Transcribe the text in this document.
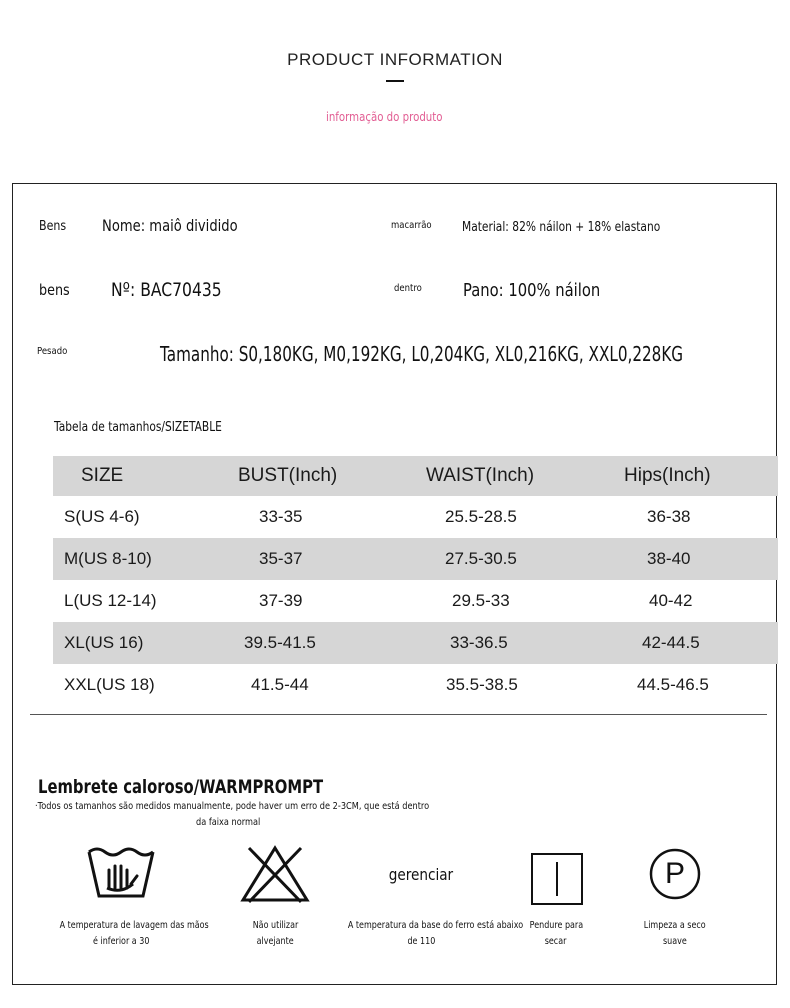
PRODUCT INFORMATION
informação do produto
Bens Nome: maiô dividido	macarrão	Material: 82% náilon + 18% elastano
bens Nº: BAC70435	dentro Pano: 100% náilon
Pesado	Tamanho: S0,180KG, M0,192KG, L0,204KG, XL0,216KG, XXL0,228KG
Tabela de tamanhos/SIZETABLE
SIZE	BUST(Inch)	WAIST(Inch)	Hips(Inch)
S(US 4-6)	33-35	25.5-28.5	36-38
M(US 8-10)	35-37	27.5-30.5	38-40
L(US 12-14)	37-39	29.5-33	40-42
XL(US 16)	39.5-41.5	33-36.5	42-44.5
XXL(US 18)	41.5-44	35.5-38.5	44.5-46.5
Lembrete caloroso/WARMPROMPT
·Todos os tamanhos são medidos manualmente, pode haver um erro de 2-3CM, que está dentro
da faixa normal
A temperatura de lavagem das mãos
é inferior a 30
Não utilizar
alvejante
gerenciar
A temperatura da base do ferro está abaixo
de 110
Pendure para
secar
P
Limpeza a seco
suave
